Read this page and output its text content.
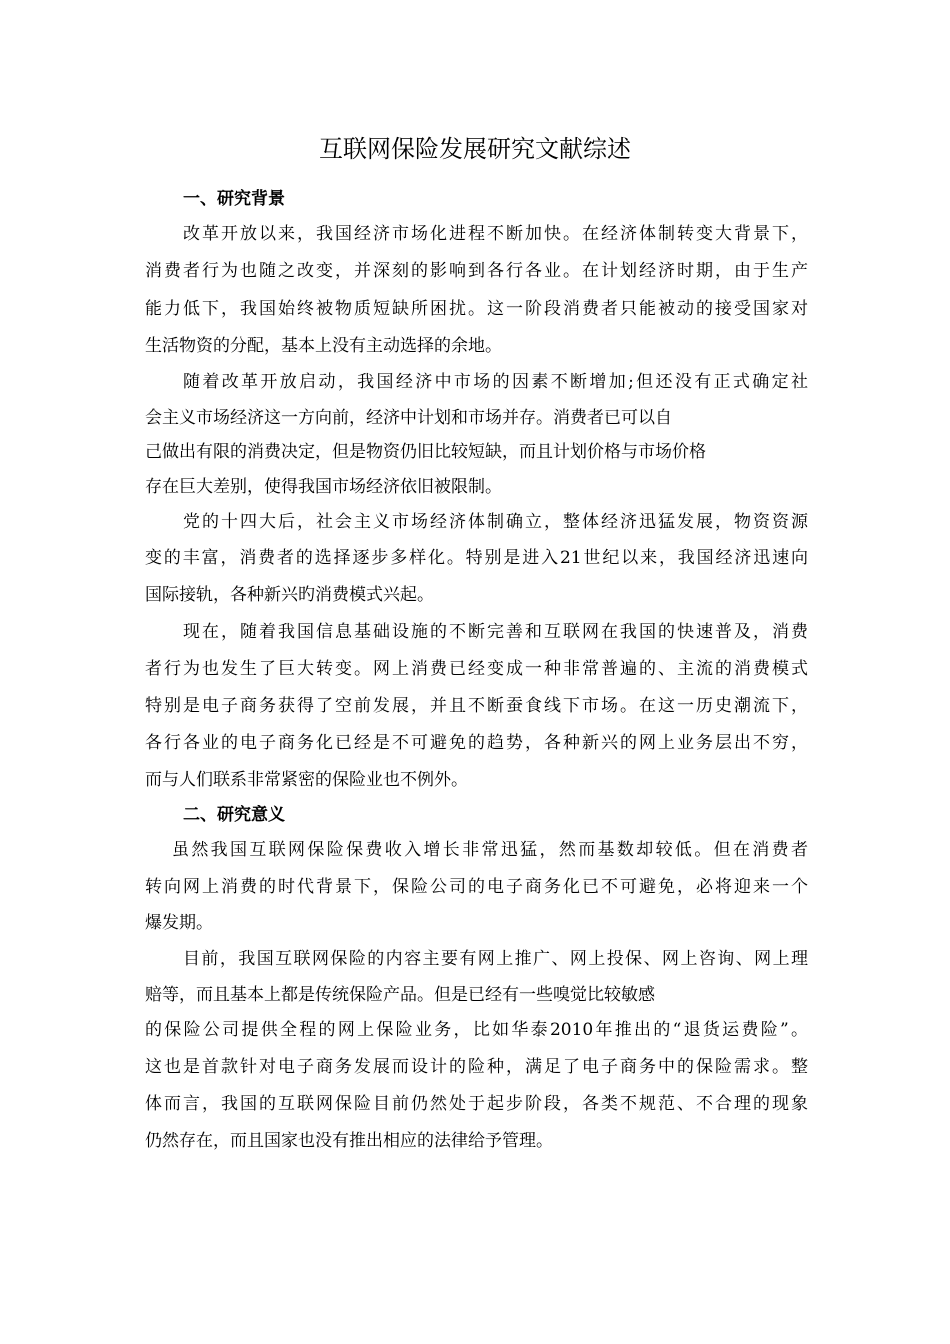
互联网保险发展研究文献综述
一、研究背景
改革开放以来，我国经济市场化进程不断加快。在经济体制转变大背景下，
消费者行为也随之改变，并深刻的影响到各行各业。在计划经济时期，由于生产
能力低下，我国始终被物质短缺所困扰。这一阶段消费者只能被动的接受国家对
生活物资的分配，基本上没有主动选择的余地。
随着改革开放启动，我国经济中市场的因素不断增加;但还没有正式确定社
会主义市场经济这一方向前，经济中计划和市场并存。消费者已可以自
己做出有限的消费决定，但是物资仍旧比较短缺，而且计划价格与市场价格
存在巨大差别，使得我国市场经济依旧被限制。
党的十四大后，社会主义市场经济体制确立，整体经济迅猛发展，物资资源
变的丰富，消费者的选择逐步多样化。特别是进入21世纪以来，我国经济迅速向
国际接轨，各种新兴旳消费模式兴起。
现在，随着我国信息基础设施的不断完善和互联网在我国的快速普及，消费
者行为也发生了巨大转变。网上消费已经变成一种非常普遍的、主流的消费模式
特别是电子商务获得了空前发展，并且不断蚕食线下市场。在这一历史潮流下，
各行各业的电子商务化已经是不可避免的趋势，各种新兴的网上业务层出不穷，
而与人们联系非常紧密的保险业也不例外。
二、研究意义
虽然我国互联网保险保费收入增长非常迅猛，然而基数却较低。但在消费者
转向网上消费的时代背景下，保险公司的电子商务化已不可避免，必将迎来一个
爆发期。
目前，我国互联网保险的内容主要有网上推广、网上投保、网上咨询、网上理
赔等，而且基本上都是传统保险产品。但是已经有一些嗅觉比较敏感
的保险公司提供全程的网上保险业务，比如华泰2010年推出的“退货运费险”。
这也是首款针对电子商务发展而设计的险种，满足了电子商务中的保险需求。整
体而言，我国的互联网保险目前仍然处于起步阶段，各类不规范、不合理的现象
仍然存在，而且国家也没有推出相应的法律给予管理。
